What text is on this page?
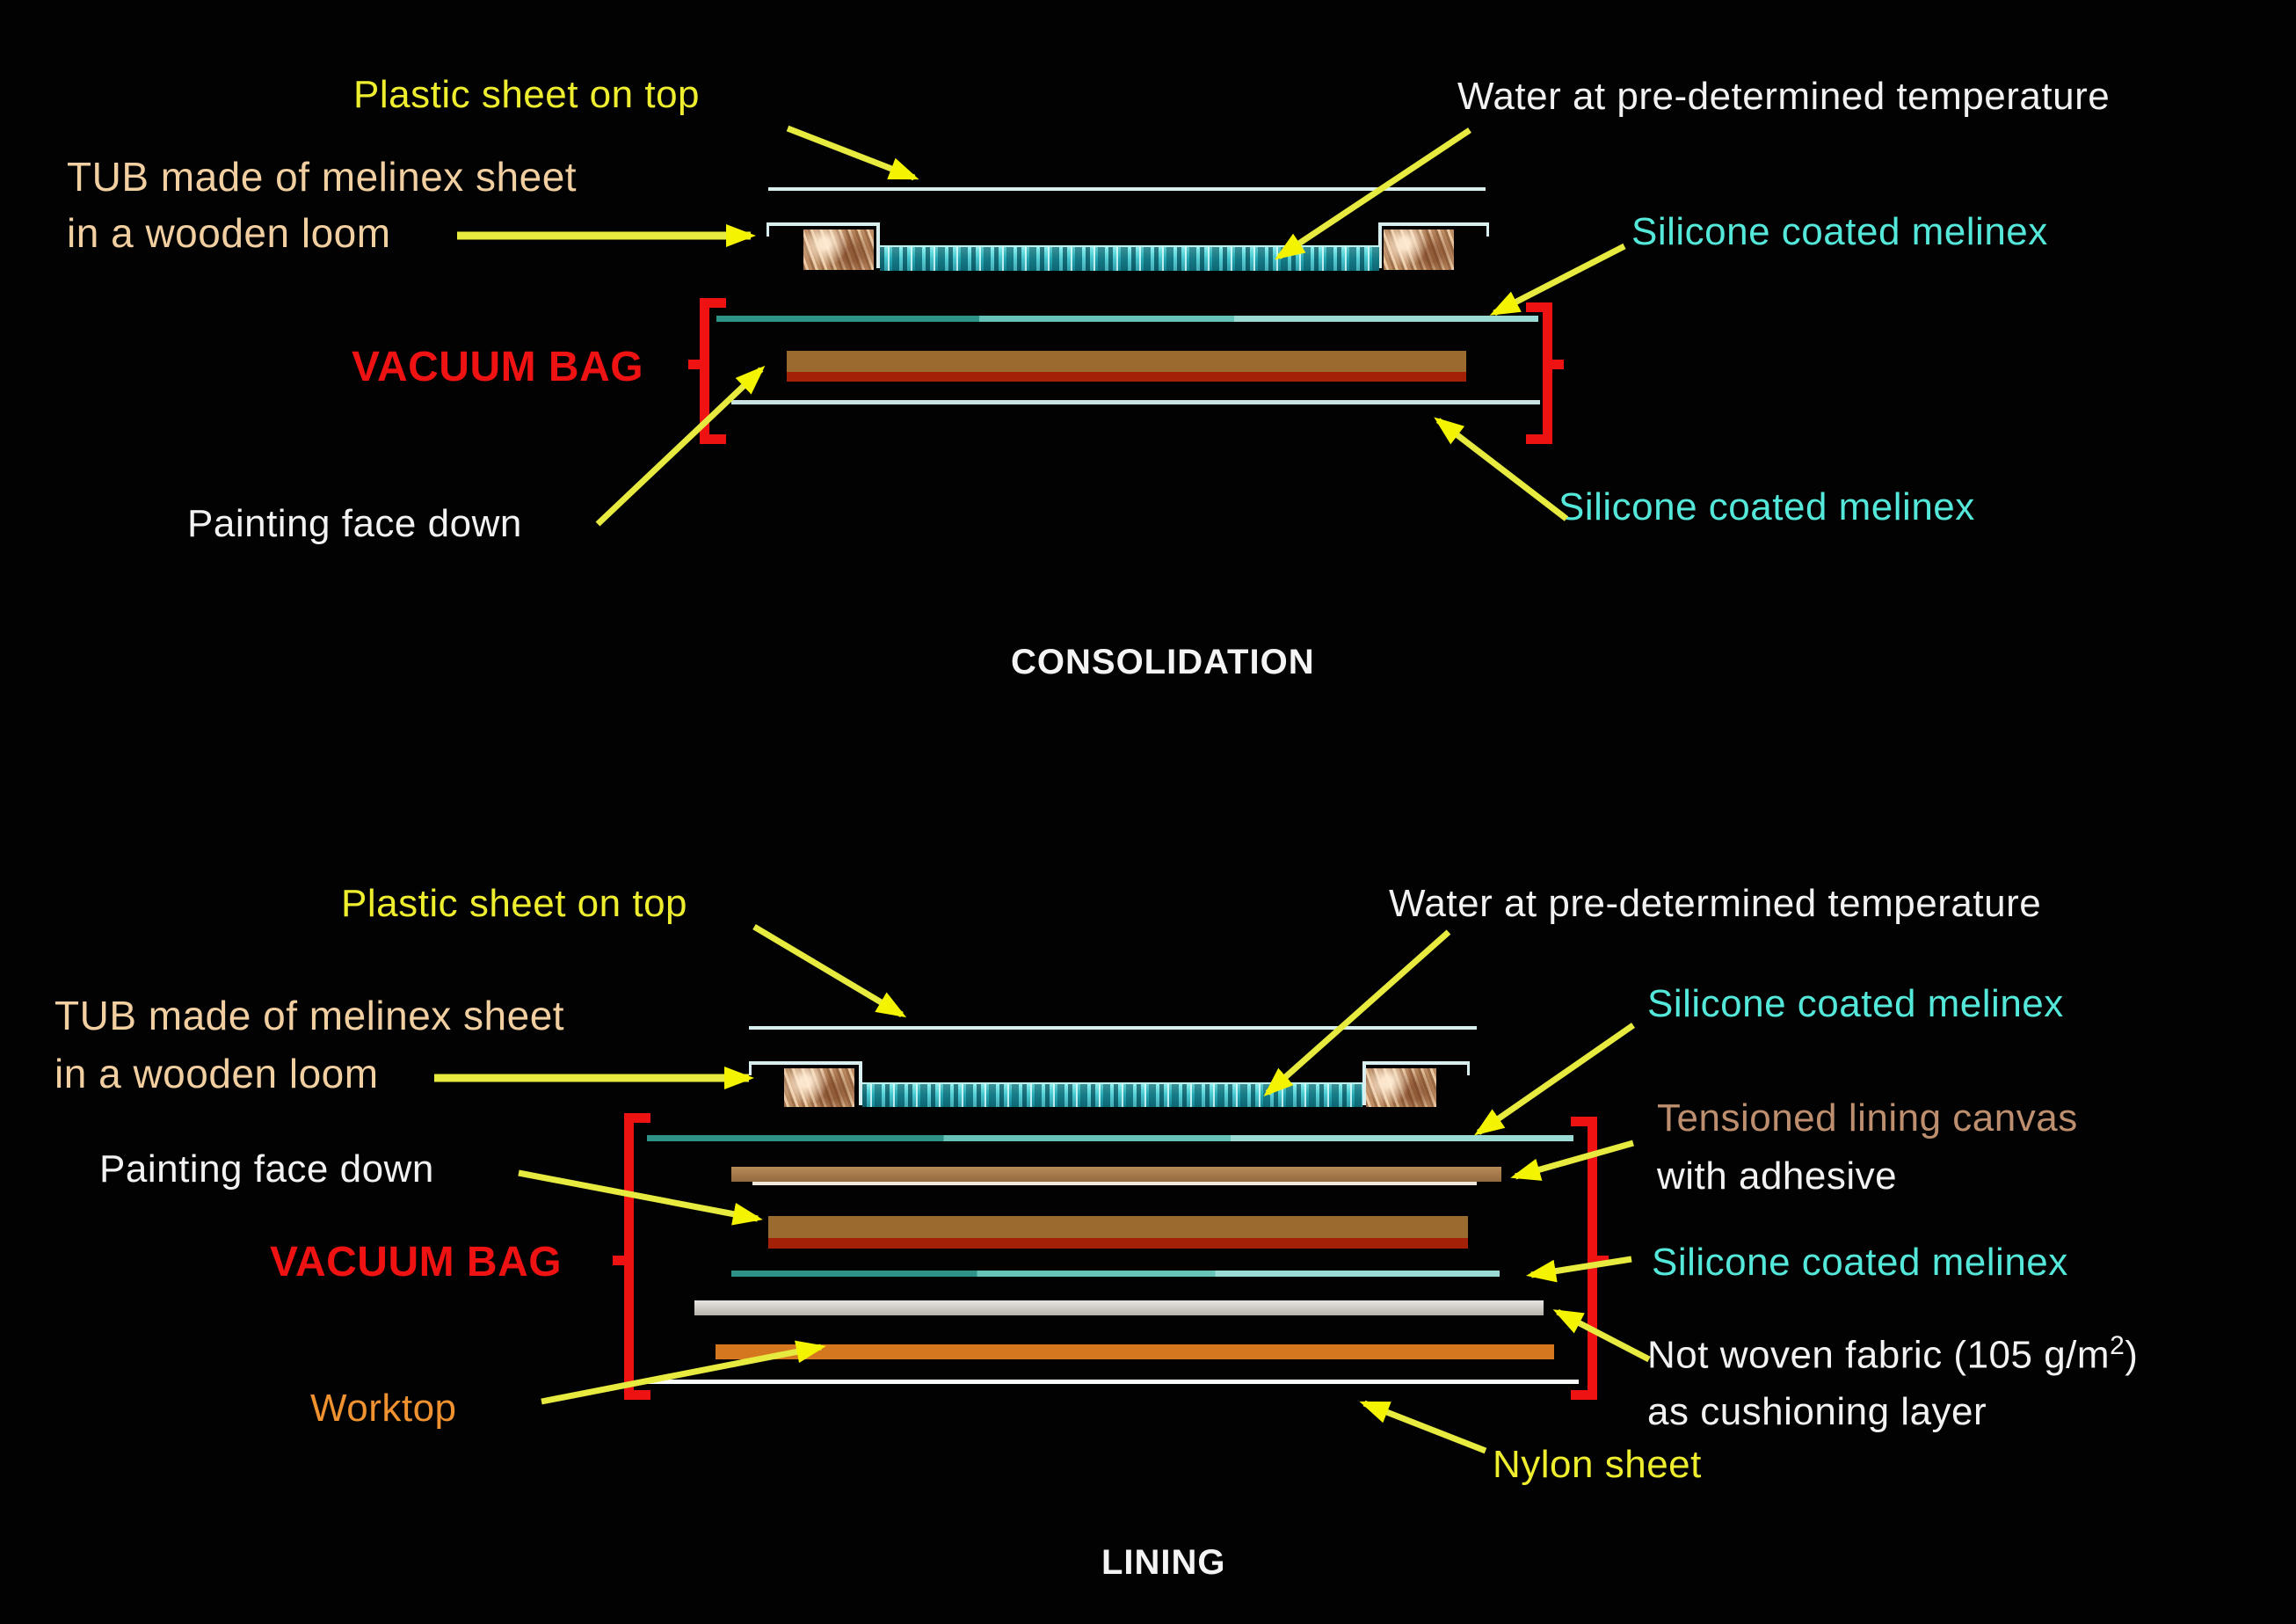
Plastic sheet on top	Water at pre-determined temperature
TUB made of melinex sheet
in a wooden loom	Silicone coated melinex
VACUUM BAG
Painting face down	Silicone coated melinex
CONSOLIDATION
Plastic sheet on top	Water at pre-determined temperature
TUB made of melinex sheet
in a wooden loom
Silicone coated melinex
Tensioned lining canvas
with adhesive
Silicone coated melinex
Painting face down
VACUUM BAG
Not woven fabric (105 $g/m^2$)
as cushioning layer
Worktop
Nylon sheet
LINING
